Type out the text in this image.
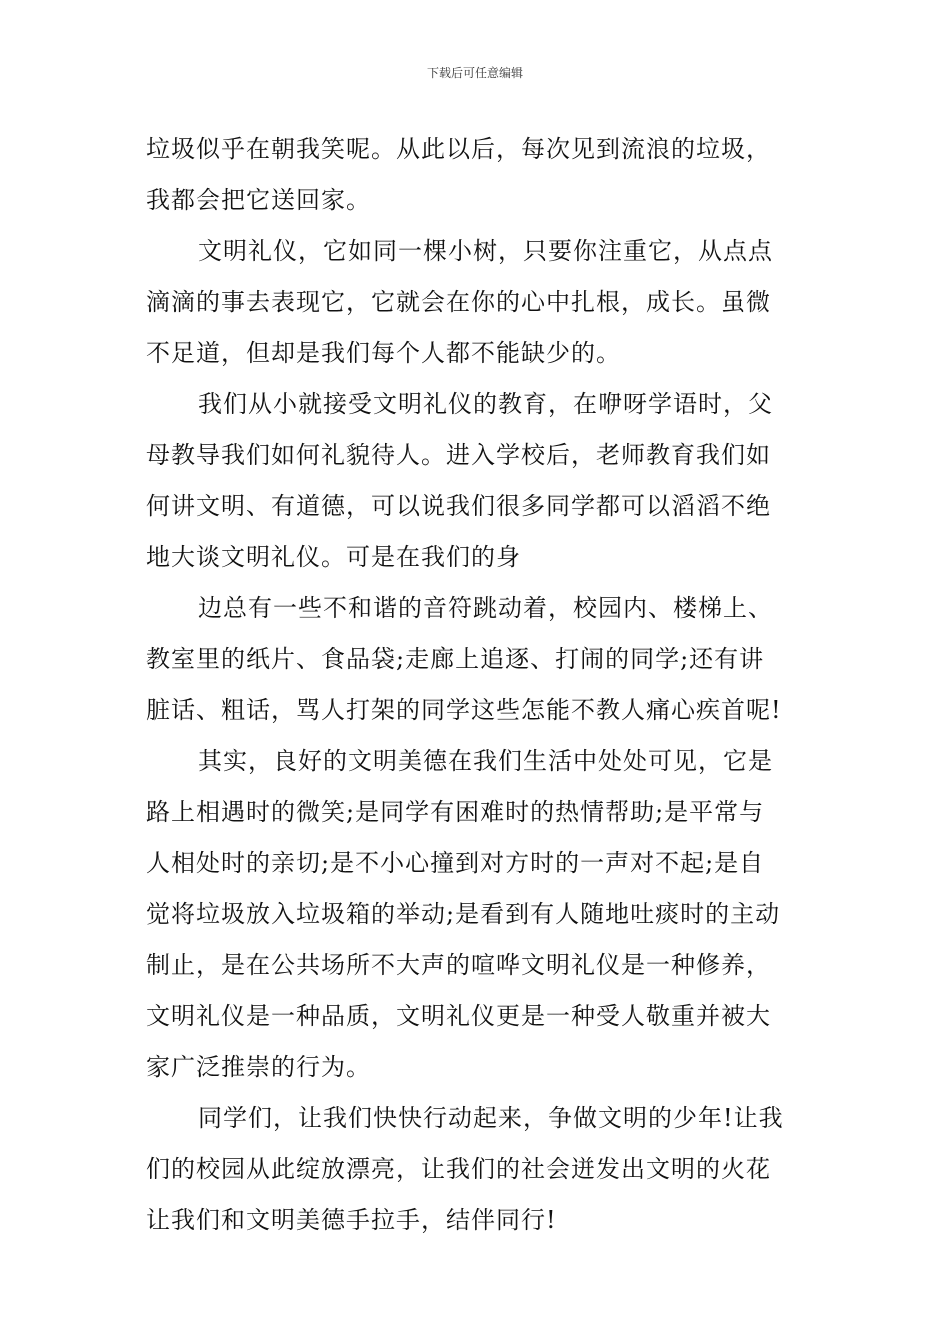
下载后可任意编辑
垃圾似乎在朝我笑呢。从此以后，每次见到流浪的垃圾，
我都会把它送回家。
文明礼仪，它如同一棵小树，只要你注重它，从点点
滴滴的事去表现它，它就会在你的心中扎根，成长。虽微
不足道，但却是我们每个人都不能缺少的。
我们从小就接受文明礼仪的教育，在咿呀学语时，父
母教导我们如何礼貌待人。进入学校后，老师教育我们如
何讲文明、有道德，可以说我们很多同学都可以滔滔不绝
地大谈文明礼仪。可是在我们的身
边总有一些不和谐的音符跳动着，校园内、楼梯上、
教室里的纸片、食品袋;走廊上追逐、打闹的同学;还有讲
脏话、粗话，骂人打架的同学这些怎能不教人痛心疾首呢!
其实，良好的文明美德在我们生活中处处可见，它是
路上相遇时的微笑;是同学有困难时的热情帮助;是平常与
人相处时的亲切;是不小心撞到对方时的一声对不起;是自
觉将垃圾放入垃圾箱的举动;是看到有人随地吐痰时的主动
制止，是在公共场所不大声的喧哗文明礼仪是一种修养，
文明礼仪是一种品质，文明礼仪更是一种受人敬重并被大
家广泛推崇的行为。
同学们，让我们快快行动起来，争做文明的少年!让我
们的校园从此绽放漂亮，让我们的社会迸发出文明的火花
让我们和文明美德手拉手，结伴同行!
